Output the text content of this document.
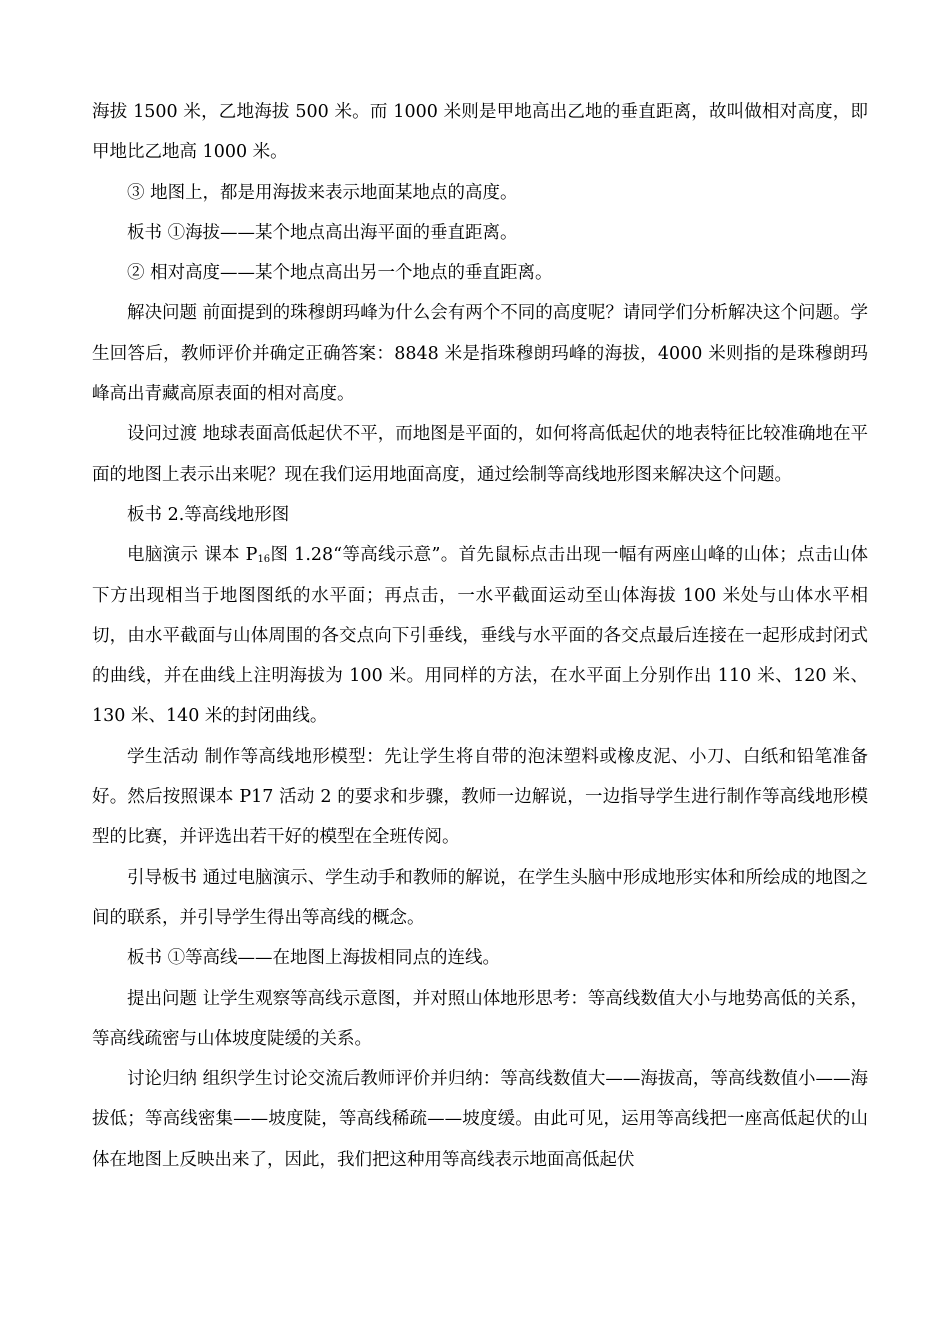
海拔 1500 米，乙地海拔 500 米。而 1000 米则是甲地高出乙地的垂直距离，故叫做相对高度，即甲地比乙地高 1000 米。

③ 地图上，都是用海拔来表示地面某地点的高度。

板书 ①海拔——某个地点高出海平面的垂直距离。

② 相对高度——某个地点高出另一个地点的垂直距离。

解决问题 前面提到的珠穆朗玛峰为什么会有两个不同的高度呢？请同学们分析解决这个问题。学生回答后，教师评价并确定正确答案：8848 米是指珠穆朗玛峰的海拔，4000 米则指的是珠穆朗玛峰高出青藏高原表面的相对高度。

设问过渡 地球表面高低起伏不平，而地图是平面的，如何将高低起伏的地表特征比较准确地在平面的地图上表示出来呢？现在我们运用地面高度，通过绘制等高线地形图来解决这个问题。

板书 2.等高线地形图

电脑演示 课本 $P_{16}$图 1.28“等高线示意”。首先鼠标点击出现一幅有两座山峰的山体；点击山体下方出现相当于地图图纸的水平面；再点击，一水平截面运动至山体海拔 100 米处与山体水平相切，由水平截面与山体周围的各交点向下引垂线，垂线与水平面的各交点最后连接在一起形成封闭式的曲线，并在曲线上注明海拔为 100 米。用同样的方法，在水平面上分别作出 110 米、120 米、130 米、140 米的封闭曲线。

学生活动 制作等高线地形模型：先让学生将自带的泡沫塑料或橡皮泥、小刀、白纸和铅笔准备好。然后按照课本 P17 活动 2 的要求和步骤，教师一边解说，一边指导学生进行制作等高线地形模型的比赛，并评选出若干好的模型在全班传阅。

引导板书 通过电脑演示、学生动手和教师的解说，在学生头脑中形成地形实体和所绘成的地图之间的联系，并引导学生得出等高线的概念。

板书 ①等高线——在地图上海拔相同点的连线。

提出问题 让学生观察等高线示意图，并对照山体地形思考：等高线数值大小与地势高低的关系，等高线疏密与山体坡度陡缓的关系。

讨论归纳 组织学生讨论交流后教师评价并归纳：等高线数值大——海拔高，等高线数值小——海拔低；等高线密集——坡度陡，等高线稀疏——坡度缓。由此可见，运用等高线把一座高低起伏的山体在地图上反映出来了，因此，我们把这种用等高线表示地面高低起伏
